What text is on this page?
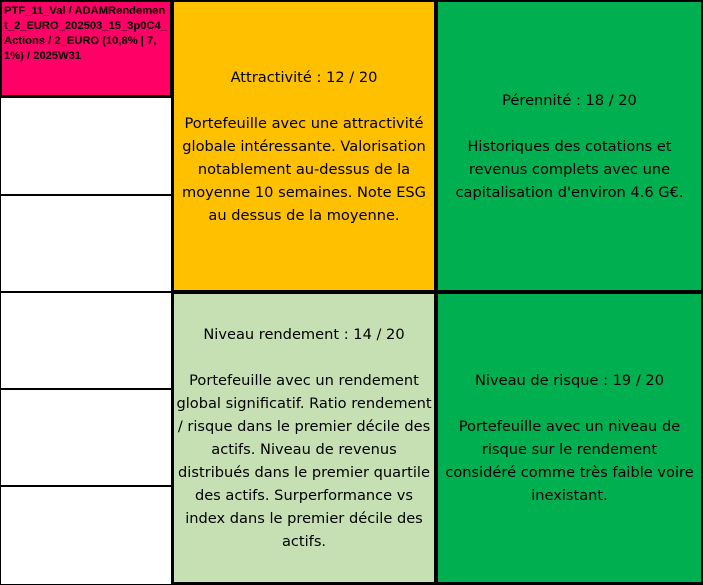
PTF_11_Val / ADAMRendement_2_EURO_202503_15_3p0C4_Actions / 2_EURO (10,8% | 7,1%) / 2025W31
Attractivité : 12 / 20
Portefeuille avec une attractivité globale intéressante. Valorisation notablement au-dessus de la moyenne 10 semaines. Note ESG au dessus de la moyenne.
Pérennité : 18 / 20
Historiques des cotations et revenus complets avec une capitalisation d'environ 4.6 G€.
Niveau rendement : 14 / 20
Portefeuille avec un rendement global significatif. Ratio rendement / risque dans le premier décile des actifs. Niveau de revenus distribués dans le premier quartile des actifs. Surperformance vs index dans le premier décile des actifs.
Niveau de risque : 19 / 20
Portefeuille avec un niveau de risque sur le rendement considéré comme très faible voire inexistant.
